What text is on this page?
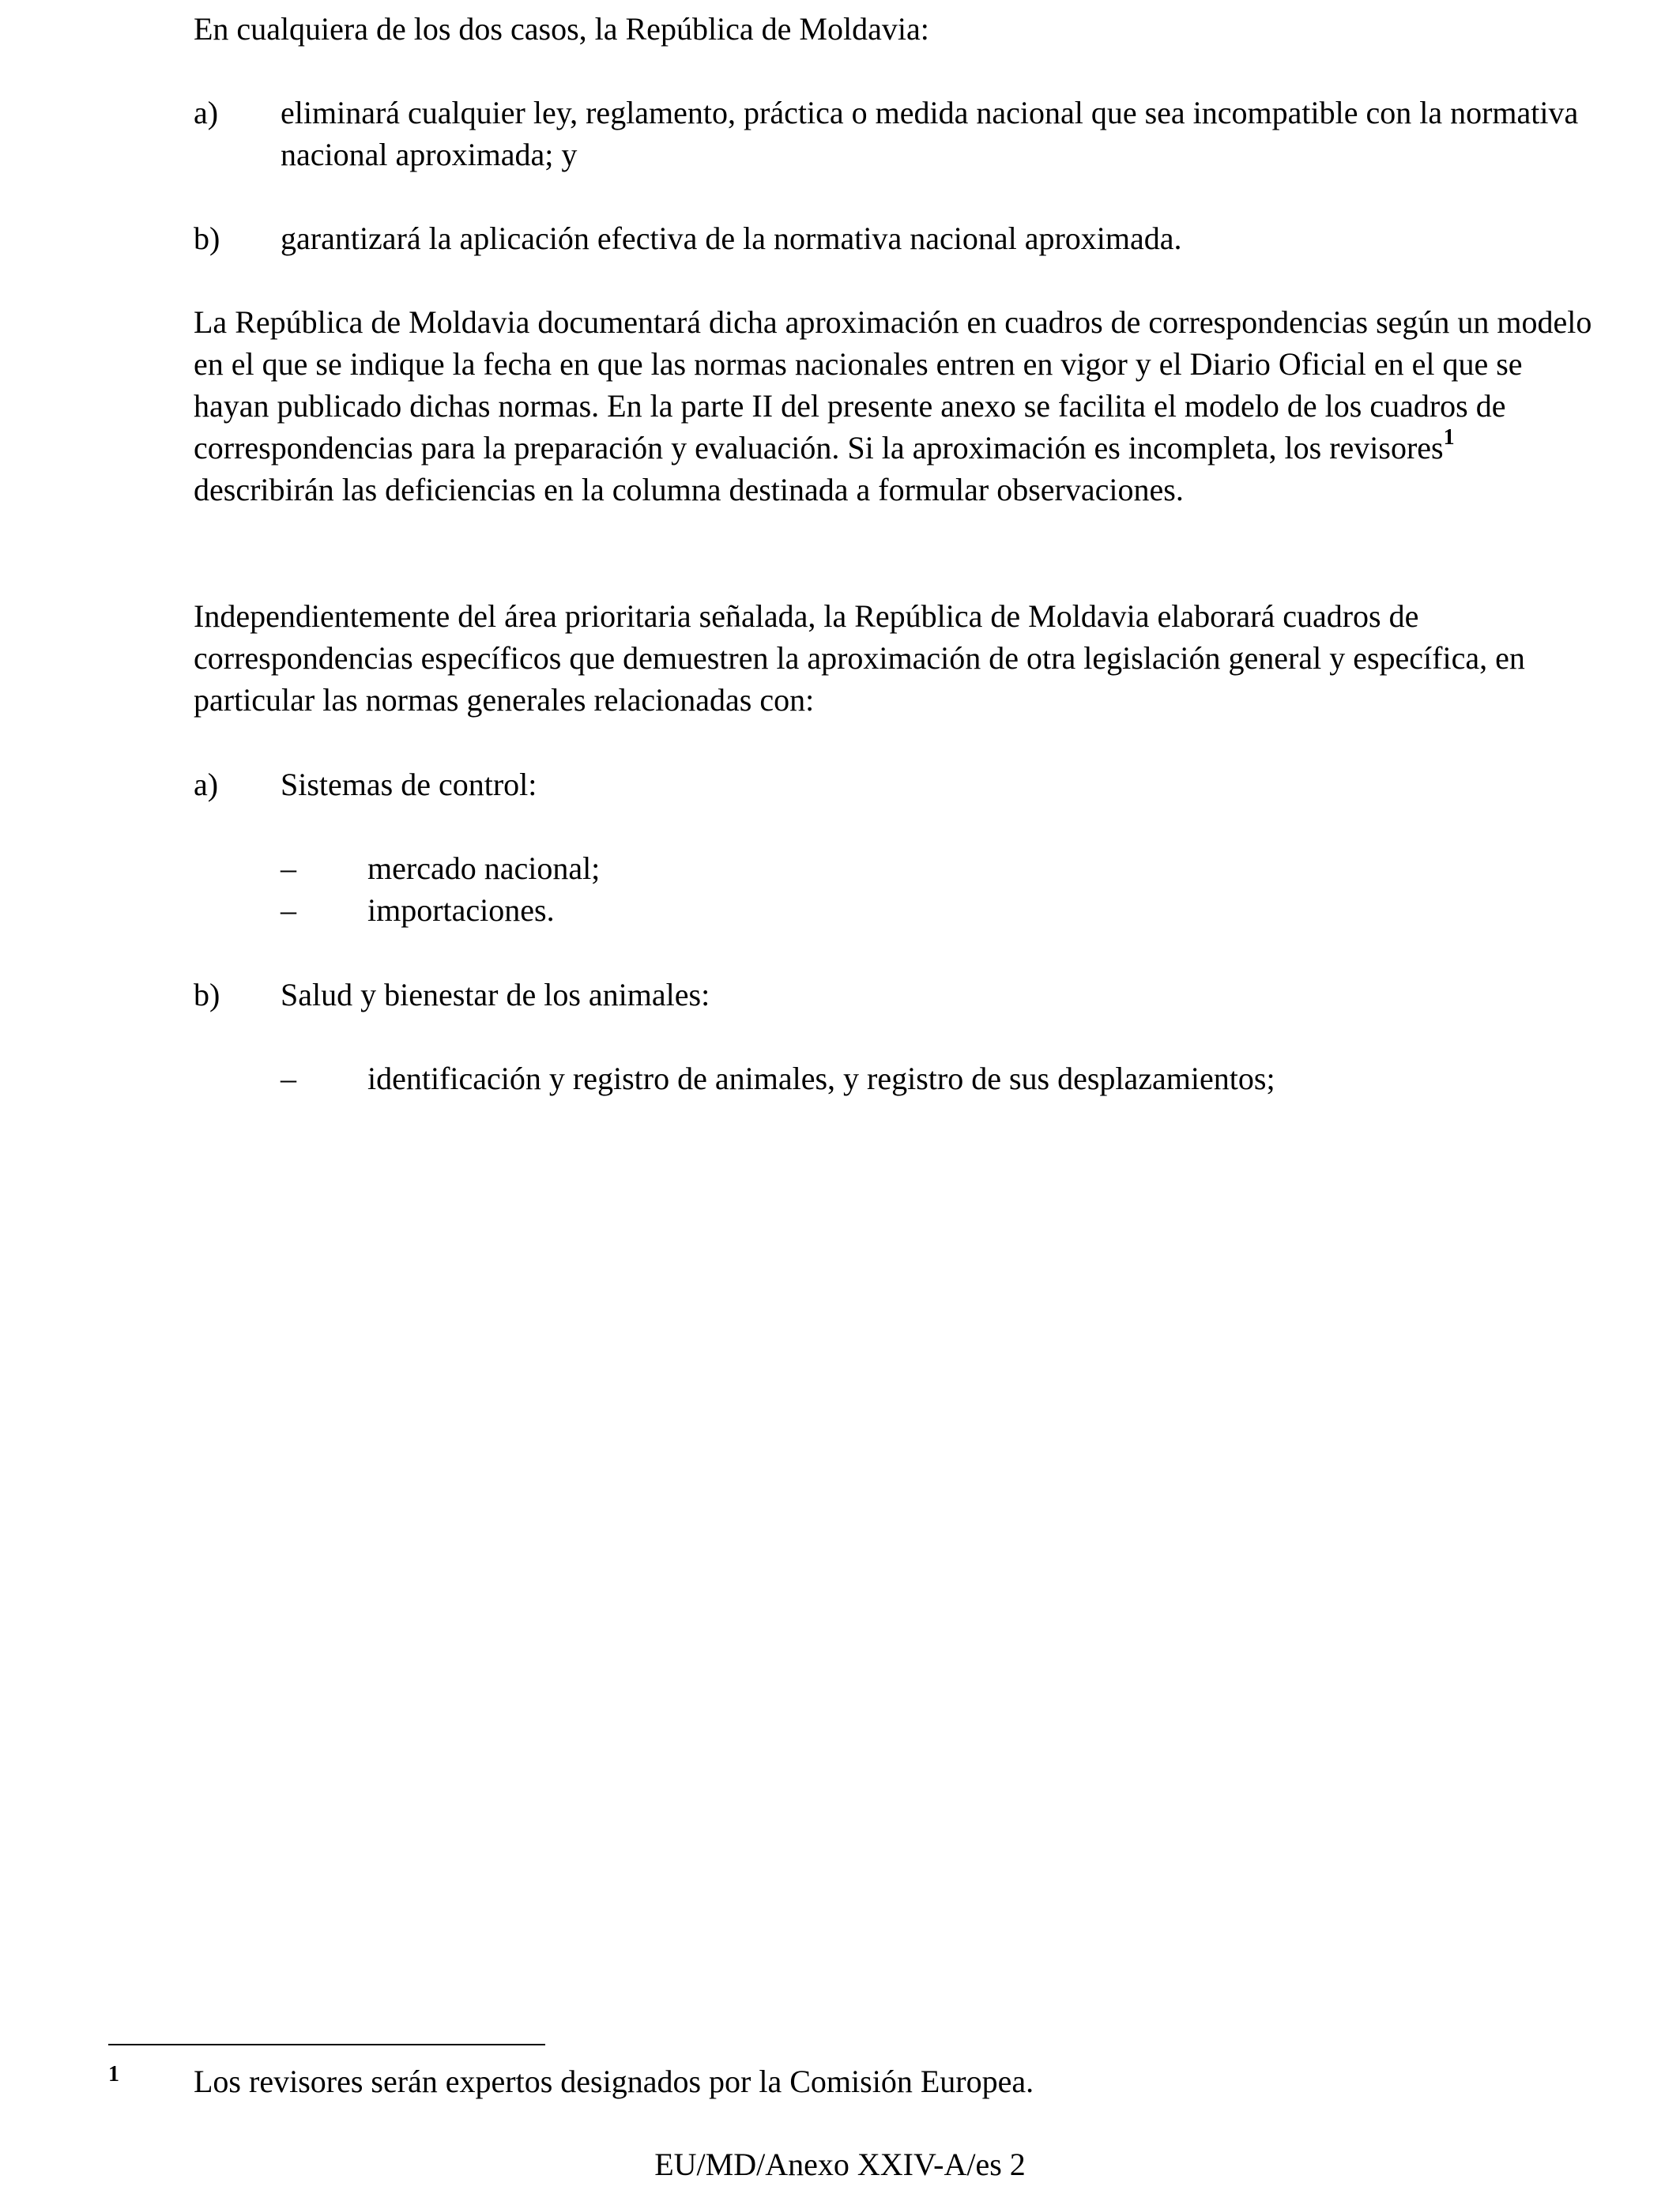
En cualquiera de los dos casos, la República de Moldavia:

a)	eliminará cualquier ley, reglamento, práctica o medida nacional que sea incompatible con la normativa nacional aproximada; y
b)	garantizará la aplicación efectiva de la normativa nacional aproximada.

La República de Moldavia documentará dicha aproximación en cuadros de correspondencias según un modelo en el que se indique la fecha en que las normas nacionales entren en vigor y el Diario Oficial en el que se hayan publicado dichas normas. En la parte II del presente anexo se facilita el modelo de los cuadros de correspondencias para la preparación y evaluación. Si la aproximación es incompleta, los revisores$^1$ describirán las deficiencias en la columna destinada a formular observaciones.

Independientemente del área prioritaria señalada, la República de Moldavia elaborará cuadros de correspondencias específicos que demuestren la aproximación de otra legislación general y específica, en particular las normas generales relacionadas con:

a)	Sistemas de control:
–	mercado nacional;
–	importaciones.
b)	Salud y bienestar de los animales:
–	identificación y registro de animales, y registro de sus desplazamientos;
1 Los revisores serán expertos designados por la Comisión Europea.
EU/MD/Anexo XXIV-A/es 2
